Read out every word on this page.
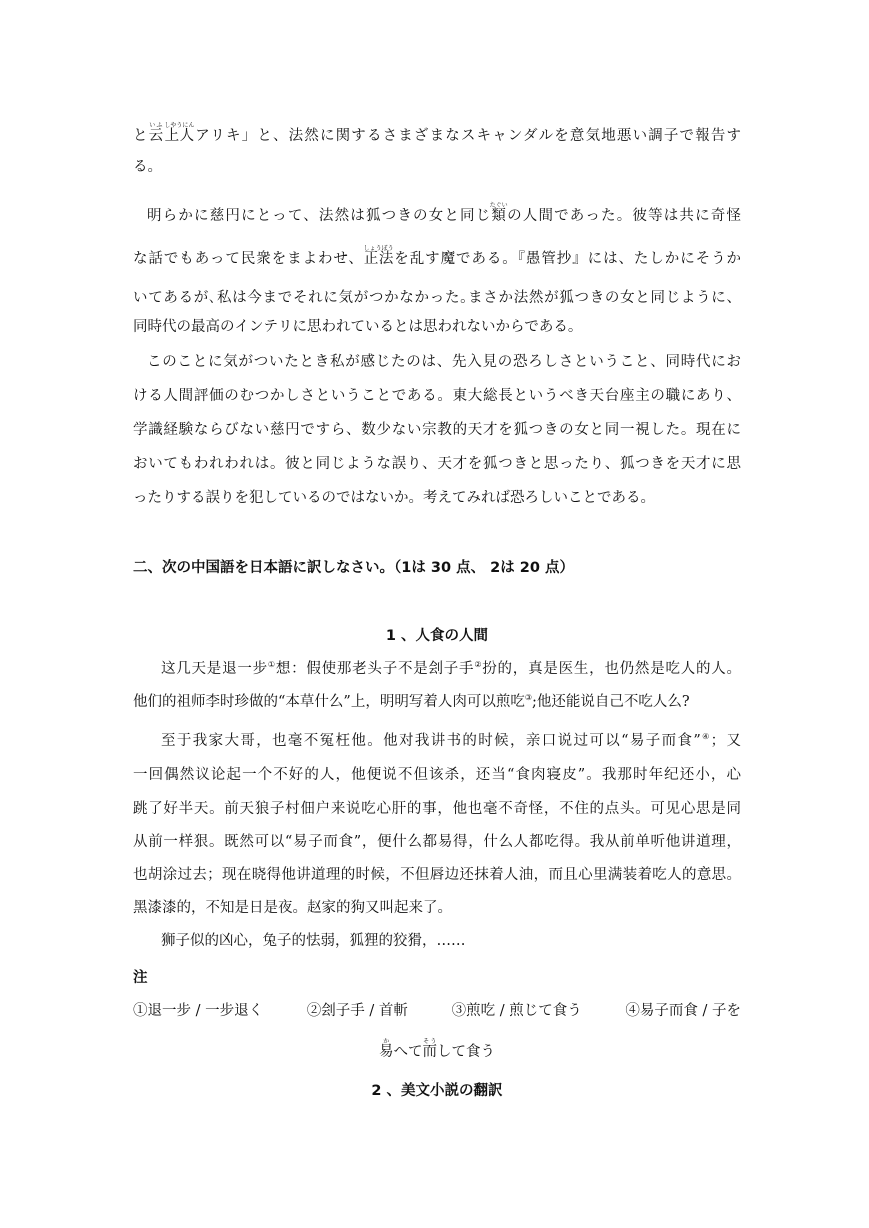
と云いふ上人しやうにんアリキ」と、法然に関するさまざまなスキャンダルを意気地悪い調子で報告す
る。
明らかに慈円にとって、法然は狐つきの女と同じ類たぐいの人間であった。彼等は共に奇怪
な話でもあって民衆をまよわせ、正法しょうぼうを乱す魔である。『愚管抄』には、たしかにそうか
いてあるが､私は今までそれに気がつかなかった｡まさか法然が狐つきの女と同じように、
同時代の最高のインテリに思われているとは思われないからである。
このことに気がついたとき私が感じたのは、先入見の恐ろしさということ、同時代にお
ける人間評価のむつかしさということである。東大総長というべき天台座主の職にあり、
学識経験ならびない慈円ですら、数少ない宗教的天才を狐つきの女と同一視した。現在に
おいてもわれわれは。彼と同じような誤り、天才を狐つきと思ったり、狐つきを天才に思
ったりする誤りを犯しているのではないか。考えてみれば恐ろしいことである。
二、次の中国語を日本語に訳しなさい。（1は 30 点、 2は 20 点）
1 、人食の人間
这几天是退一步①想：假使那老头子不是刽子手②扮的，真是医生，也仍然是吃人的人。
他们的祖师李时珍做的“本草什么”上，明明写着人肉可以煎吃③;他还能说自己不吃人么?
至于我家大哥，也毫不冤枉他。他对我讲书的时候，亲口说过可以“易子而食”④；又
一回偶然议论起一个不好的人，他便说不但该杀，还当“食肉寝皮”。我那时年纪还小，心
跳了好半天。前天狼子村佃户来说吃心肝的事，他也毫不奇怪，不住的点头。可见心思是同
从前一样狠。既然可以“易子而食”，便什么都易得，什么人都吃得。我从前单听他讲道理，
也胡涂过去；现在晓得他讲道理的时候，不但唇边还抹着人油，而且心里满装着吃人的意思。
黑漆漆的，不知是日是夜。赵家的狗又叫起来了。
狮子似的凶心，兔子的怯弱，狐狸的狡猾，……
注
①退一步 / 一步退く	②刽子手 / 首斬	③煎吃 / 煎じて食う	④易子而食 / 子を
易かへて而そうして食う
2 、美文小説の翻訳
